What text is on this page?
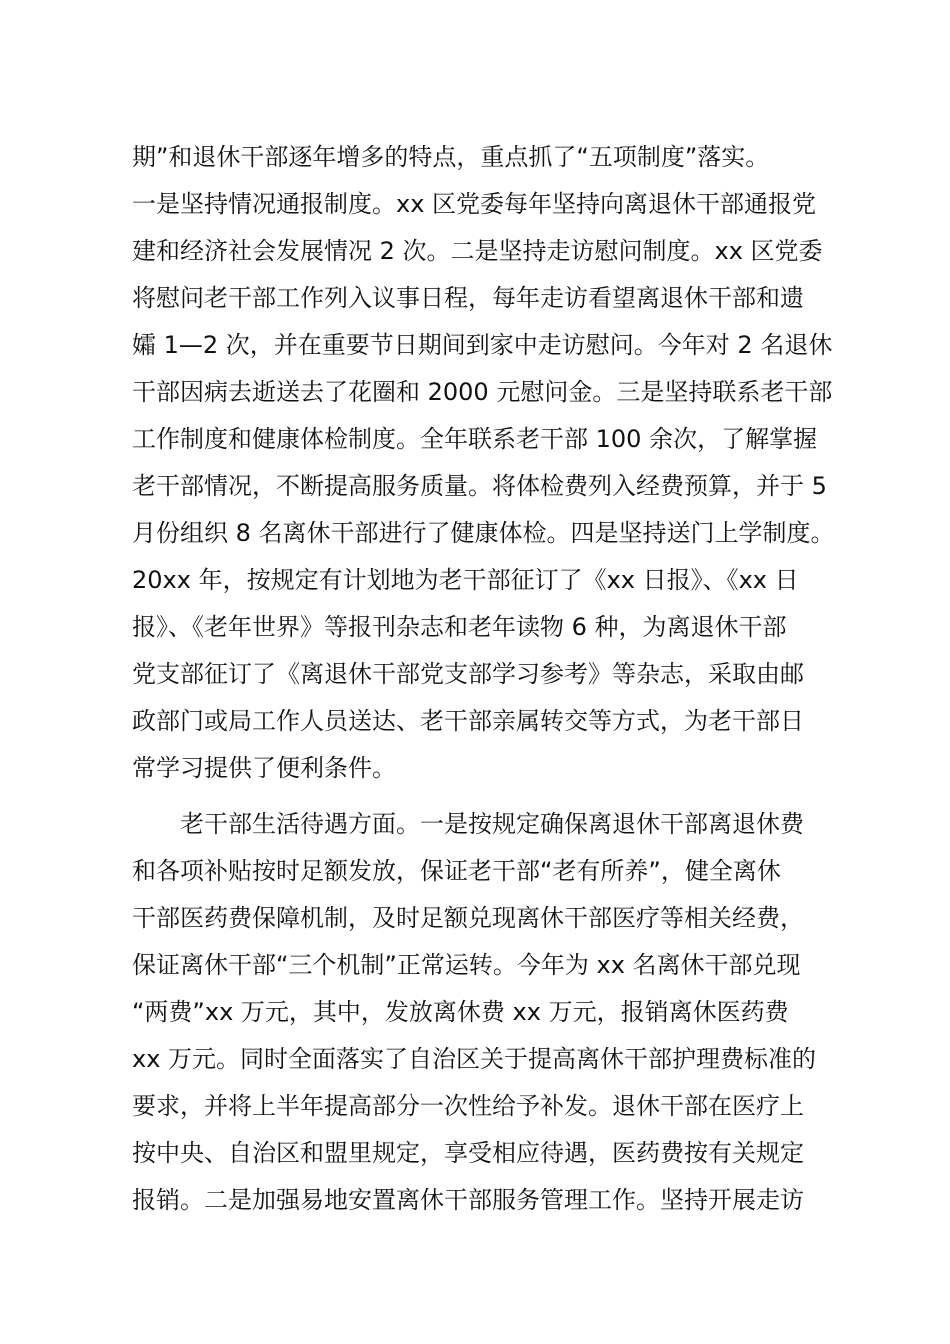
期”和退休干部逐年增多的特点，重点抓了“五项制度”落实。
一是坚持情况通报制度。xx 区党委每年坚持向离退休干部通报党
建和经济社会发展情况 2 次。二是坚持走访慰问制度。xx 区党委
将慰问老干部工作列入议事日程，每年走访看望离退休干部和遗
孀 1—2 次，并在重要节日期间到家中走访慰问。今年对 2 名退休
干部因病去逝送去了花圈和 2000 元慰问金。三是坚持联系老干部
工作制度和健康体检制度。全年联系老干部 100 余次，了解掌握
老干部情况，不断提高服务质量。将体检费列入经费预算，并于 5
月份组织 8 名离休干部进行了健康体检。四是坚持送门上学制度。
20xx 年，按规定有计划地为老干部征订了《xx 日报》、《xx 日
报》、《老年世界》等报刊杂志和老年读物 6 种，为离退休干部
党支部征订了《离退休干部党支部学习参考》等杂志，采取由邮
政部门或局工作人员送达、老干部亲属转交等方式，为老干部日
常学习提供了便利条件。
老干部生活待遇方面。一是按规定确保离退休干部离退休费
和各项补贴按时足额发放，保证老干部“老有所养”，健全离休
干部医药费保障机制，及时足额兑现离休干部医疗等相关经费，
保证离休干部“三个机制”正常运转。今年为 xx 名离休干部兑现
“两费”xx 万元，其中，发放离休费 xx 万元，报销离休医药费
xx 万元。同时全面落实了自治区关于提高离休干部护理费标准的
要求，并将上半年提高部分一次性给予补发。退休干部在医疗上
按中央、自治区和盟里规定，享受相应待遇，医药费按有关规定
报销。二是加强易地安置离休干部服务管理工作。坚持开展走访
